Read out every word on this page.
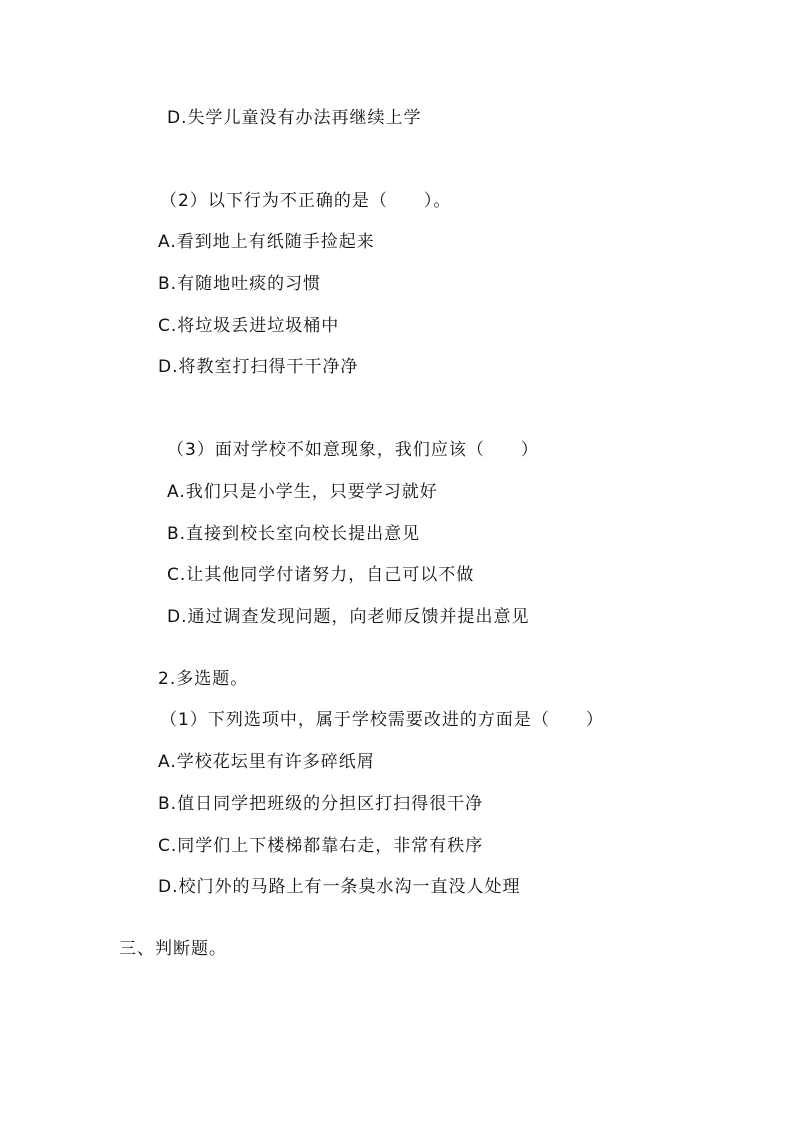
D.失学儿童没有办法再继续上学
（2）以下行为不正确的是（　　）。
A.看到地上有纸随手捡起来
B.有随地吐痰的习惯
C.将垃圾丢进垃圾桶中
D.将教室打扫得干干净净
（3）面对学校不如意现象，我们应该（　　）
A.我们只是小学生，只要学习就好
B.直接到校长室向校长提出意见
C.让其他同学付诸努力，自己可以不做
D.通过调查发现问题，向老师反馈并提出意见
2.多选题。
（1）下列选项中，属于学校需要改进的方面是（　　）
A.学校花坛里有许多碎纸屑
B.值日同学把班级的分担区打扫得很干净
C.同学们上下楼梯都靠右走，非常有秩序
D.校门外的马路上有一条臭水沟一直没人处理
三、判断题。
